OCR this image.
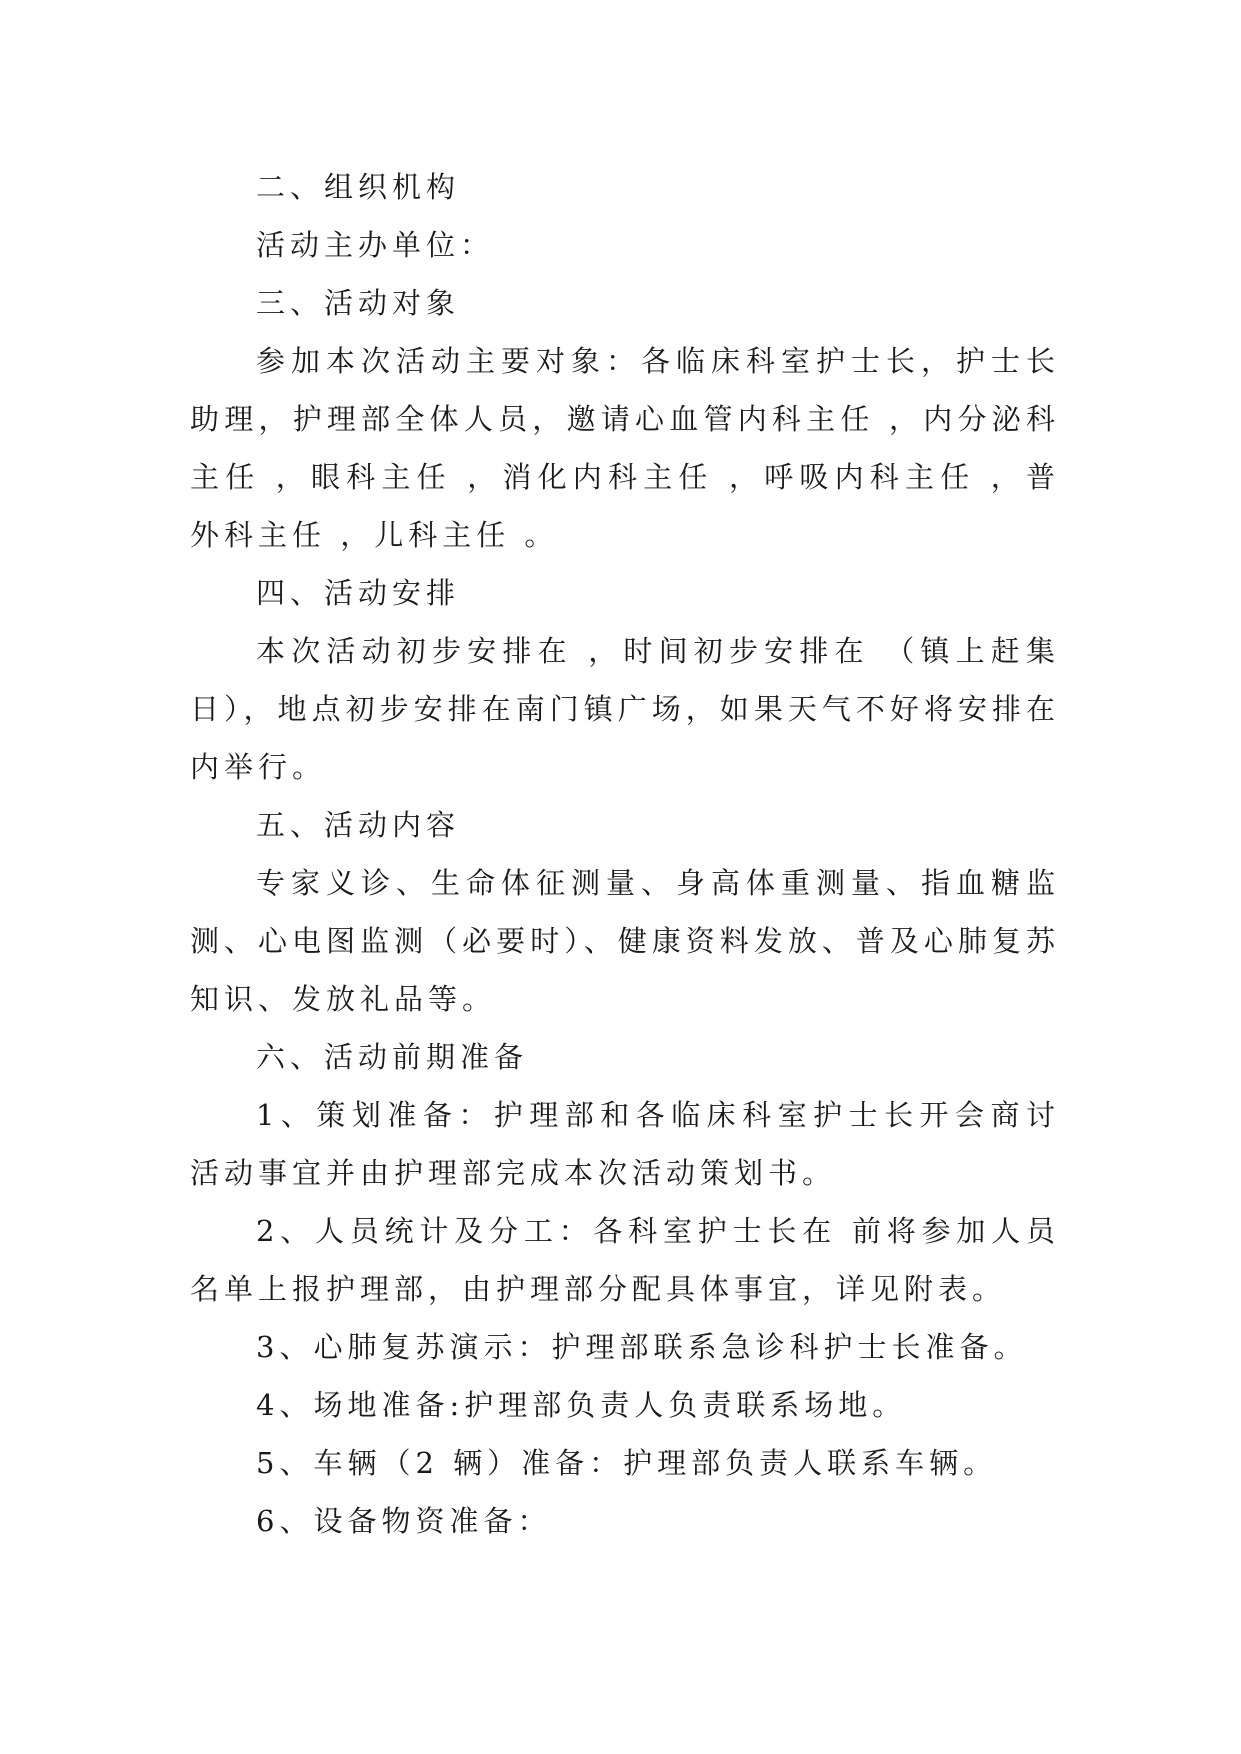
二、组织机构

活动主办单位：

三、活动对象

参加本次活动主要对象：各临床科室护士长，护士长助理，护理部全体人员，邀请心血管内科主任 ，内分泌科主任 ，眼科主任 ，消化内科主任 ，呼吸内科主任 ，普外科主任 ，儿科主任 。

四、活动安排

本次活动初步安排在 ，时间初步安排在 （镇上赶集日），地点初步安排在南门镇广场，如果天气不好将安排在 内举行。

五、活动内容

专家义诊、生命体征测量、身高体重测量、指血糖监测、心电图监测（必要时）、健康资料发放、普及心肺复苏知识、发放礼品等。

六、活动前期准备

1、策划准备：护理部和各临床科室护士长开会商讨活动事宜并由护理部完成本次活动策划书。

2、人员统计及分工：各科室护士长在 前将参加人员名单上报护理部，由护理部分配具体事宜，详见附表。

3、心肺复苏演示：护理部联系急诊科护士长准备。

4、场地准备:护理部负责人负责联系场地。

5、车辆（2 辆）准备：护理部负责人联系车辆。

6、设备物资准备：
